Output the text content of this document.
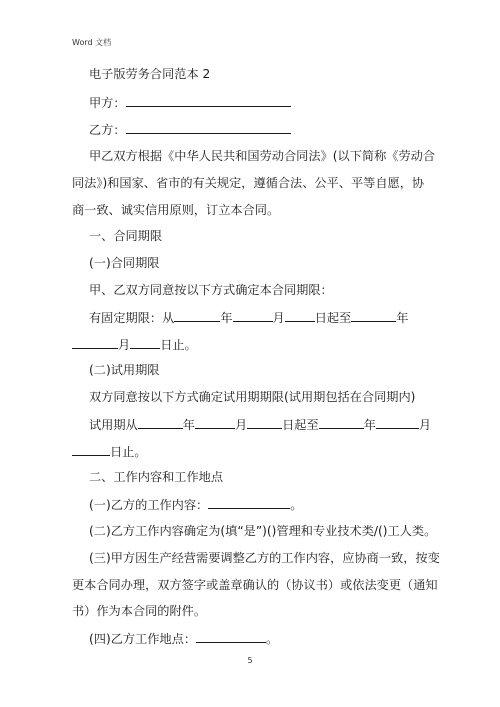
Word 文档
电子版劳务合同范本 2
甲方：
乙方：
甲乙双方根据《中华人民共和国劳动合同法》(以下简称《劳动合
同法》)和国家、省市的有关规定，遵循合法、公平、平等自愿，协
商一致、诚实信用原则，订立本合同。
一、合同期限
(一)合同期限
甲、乙双方同意按以下方式确定本合同期限：
有固定期限：从	年	月 日起至	年
月 日止。
(二)试用期限
双方同意按以下方式确定试用期期限(试用期包括在合同期内)
试用期从	年	月	日起至	年	月
日止。
二、工作内容和工作地点
(一)乙方的工作内容：	。
(二)乙方工作内容确定为(填“是”)()管理和专业技术类/()工人类。
(三)甲方因生产经营需要调整乙方的工作内容，应协商一致，按变
更本合同办理，双方签字或盖章确认的（协议书）或依法变更（通知
书）作为本合同的附件。
(四)乙方工作地点：	。
5
